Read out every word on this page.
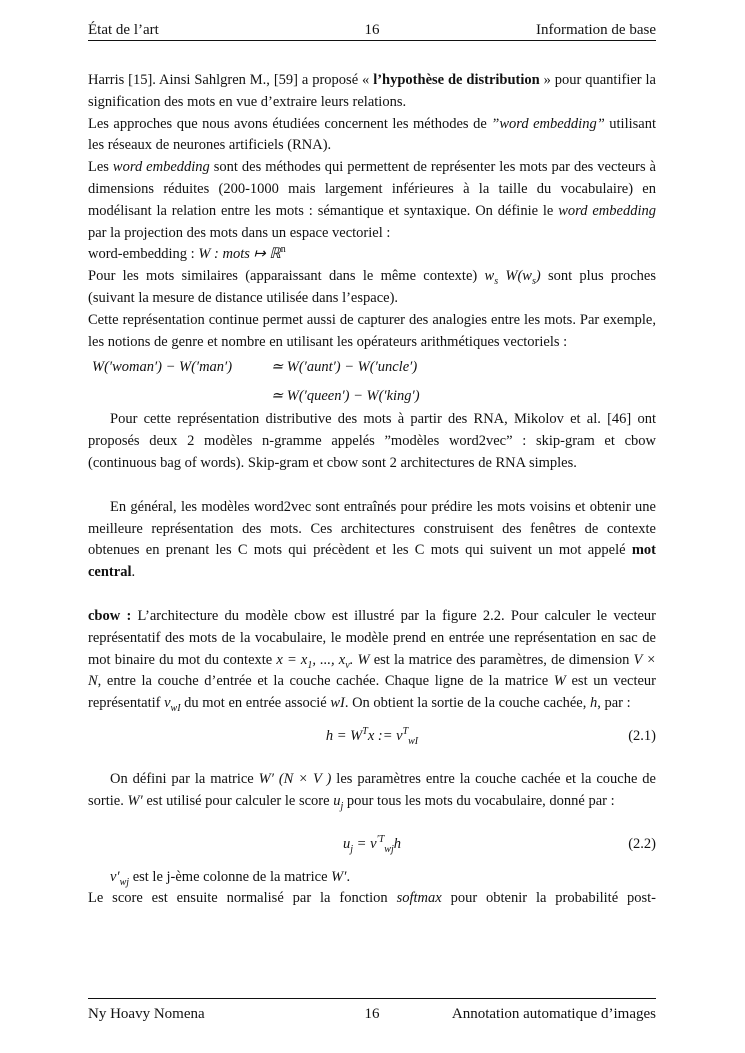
État de l’art	16	Information de base

Harris [15]. Ainsi Sahlgren M., [59] a proposé « l’hypothèse de distribution » pour quantifier la signification des mots en vue d’extraire leurs relations.

Les approches que nous avons étudiées concernent les méthodes de ”word embedding” utilisant les réseaux de neurones artificiels (RNA).

Les word embedding sont des méthodes qui permettent de représenter les mots par des vecteurs à dimensions réduites (200-1000 mais largement inférieures à la taille du vocabulaire) en modélisant la relation entre les mots : sémantique et syntaxique. On définie le word embedding par la projection des mots dans un espace vectoriel :

word-embedding : W : mots ↦ ℝ$^n$

Pour les mots similaires (apparaissant dans le même contexte) $w_s$ $W(w_s)$ sont plus proches (suivant la mesure de distance utilisée dans l’espace).

Cette représentation continue permet aussi de capturer des analogies entre les mots. Par exemple, les notions de genre et nombre en utilisant les opérateurs arithmétiques vectoriels :

W(′woman′) − W(′man′)	≃ W(′aunt′) − W(′uncle′)
≃ W(′queen′) − W(′king′)

Pour cette représentation distributive des mots à partir des RNA, Mikolov et al. [46] ont proposés deux 2 modèles n-gramme appelés ”modèles word2vec” : skip-gram et cbow (continuous bag of words). Skip-gram et cbow sont 2 architectures de RNA simples.

En général, les modèles word2vec sont entraînés pour prédire les mots voisins et obtenir une meilleure représentation des mots. Ces architectures construisent des fenêtres de contexte obtenues en prenant les C mots qui précèdent et les C mots qui suivent un mot appelé mot central.

cbow : L’architecture du modèle cbow est illustré par la figure 2.2. Pour calculer le vecteur représentatif des mots de la vocabulaire, le modèle prend en entrée une représentation en sac de mot binaire du mot du contexte $x = x_1$, ..., $x_v$. W est la matrice des paramètres, de dimension V × N, entre la couche d’entrée et la couche cachée. Chaque ligne de la matrice W est un vecteur représentatif $v_{wI}$ du mot en entrée associé wI. On obtient la sortie de la couche cachée, h, par :

$h = W^Tx$ := $v^T_{wI}$	(2.1)

On défini par la matrice W′ (N × V ) les paramètres entre la couche cachée et la couche de sortie. W′ est utilisé pour calculer le score $u_j$ pour tous les mots du vocabulaire, donné par :

$u_j = v^{'T}_{wj}h$	(2.2)

$v'_{wj}$ est le j-ème colonne de la matrice W′.

Le score est ensuite normalisé par la fonction softmax pour obtenir la probabilité post-

Ny Hoavy Nomena	16	Annotation automatique d’images
